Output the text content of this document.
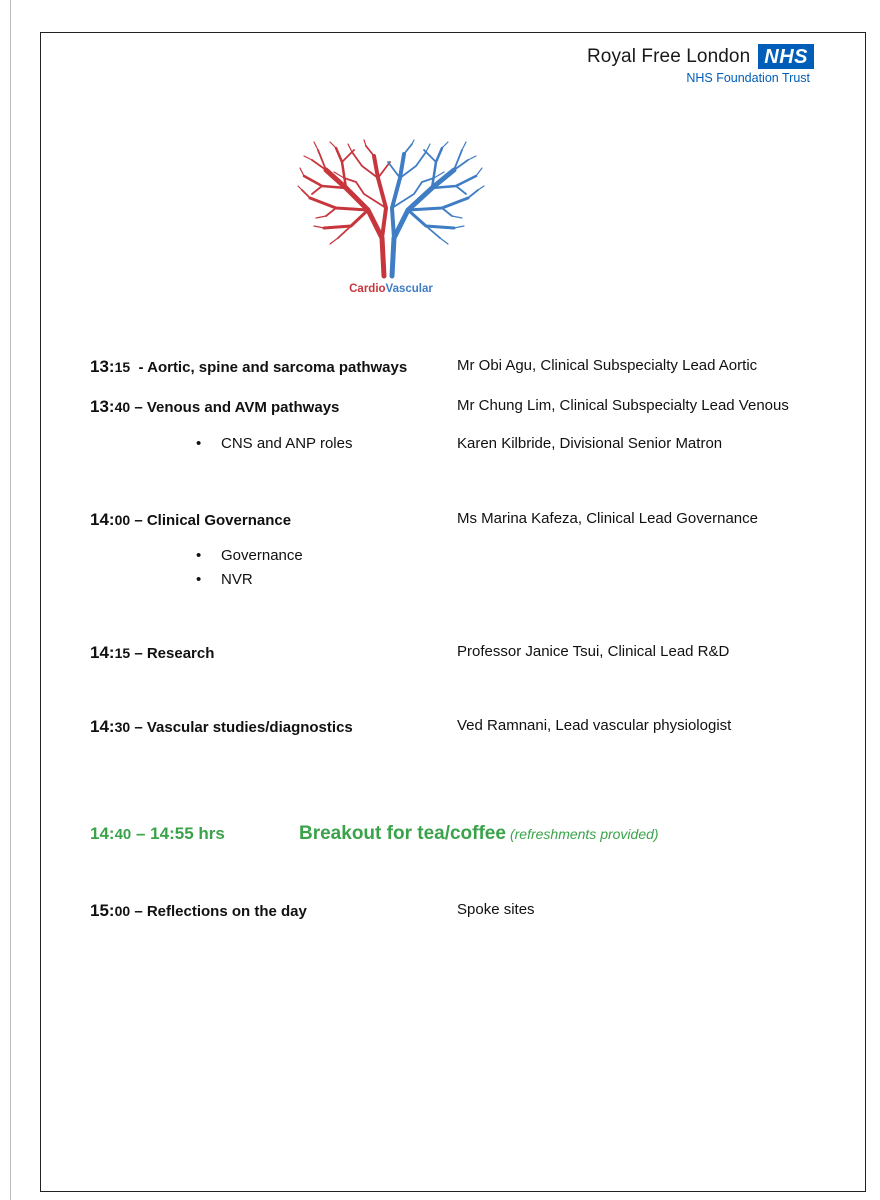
Royal Free London NHS
NHS Foundation Trust
CardioVascular
13:15 - Aortic, spine and sarcoma pathways	Mr Obi Agu, Clinical Subspecialty Lead Aortic
13:40 – Venous and AVM pathways	Mr Chung Lim, Clinical Subspecialty Lead Venous
• CNS and ANP roles	Karen Kilbride, Divisional Senior Matron
14:00 – Clinical Governance	Ms Marina Kafeza, Clinical Lead Governance
• Governance
• NVR
14:15 – Research	Professor Janice Tsui, Clinical Lead R&D
14:30 – Vascular studies/diagnostics	Ved Ramnani, Lead vascular physiologist
14:40 – 14:55 hrs	Breakout for tea/coffee (refreshments provided)
15:00 – Reflections on the day	Spoke sites
